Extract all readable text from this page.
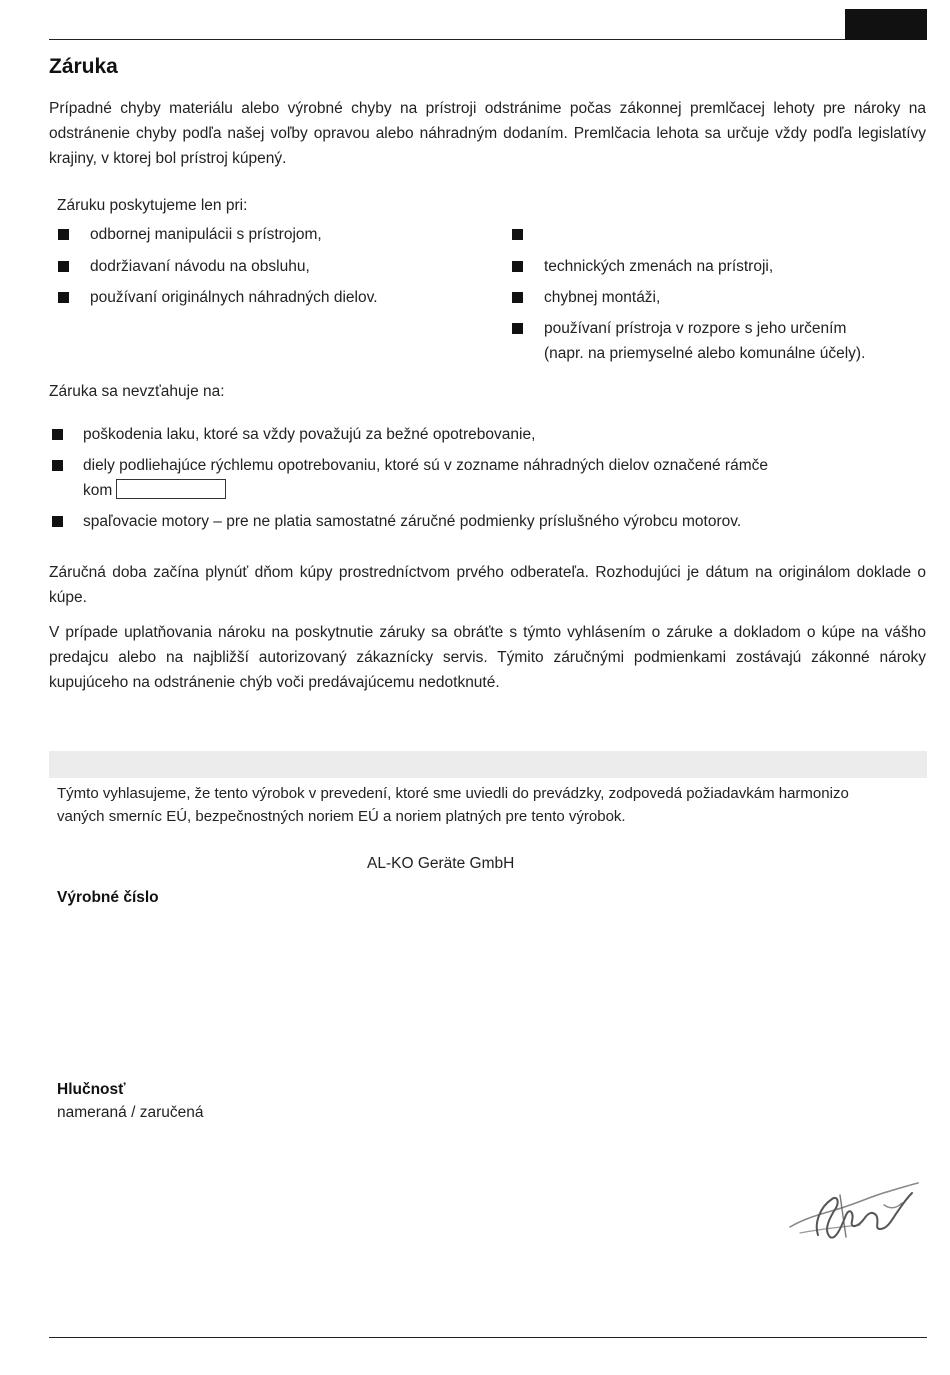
Záruka

Prípadné chyby materiálu alebo výrobné chyby na prístroji odstránime počas zákonnej premlčacej lehoty pre nároky na odstránenie chyby podľa našej voľby opravou alebo náhradným dodaním. Premlčacia lehota sa určuje vždy podľa legislatívy krajiny, v ktorej bol prístroj kúpený.

Záruku poskytujeme len pri:

odbornej manipulácii s prístrojom,

dodržiavaní návodu na obsluhu,

používaní originálnych náhradných dielov.

technických zmenách na prístroji,

chybnej montáži,

používaní prístroja v rozpore s jeho určením

(napr. na priemyselné alebo komunálne účely).

Záruka sa nevzťahuje na:

poškodenia laku, ktoré sa vždy považujú za bežné opotrebovanie,

diely podliehajúce rýchlemu opotrebovaniu, ktoré sú v zozname náhradných dielov označené rámče

kom

spaľovacie motory – pre ne platia samostatné záručné podmienky príslušného výrobcu motorov.

Záručná doba začína plynúť dňom kúpy prostredníctvom prvého odberateľa. Rozhodujúci je dátum na originálom doklade o kúpe.

V prípade uplatňovania nároku na poskytnutie záruky sa obráťte s týmto vyhlásením o záruke a dokladom o kúpe na vášho predajcu alebo na najbližší autorizovaný zákaznícky servis. Týmito záručnými podmienkami zostávajú zákonné nároky kupujúceho na odstránenie chýb voči predávajúcemu nedotknuté.

Týmto vyhlasujeme, že tento výrobok v prevedení, ktoré sme uviedli do prevádzky, zodpovedá požiadavkám harmonizo

vaných smerníc EÚ, bezpečnostných noriem EÚ a noriem platných pre tento výrobok.

AL-KO Geräte GmbH

Výrobné číslo

Hlučnosť

nameraná / zaručená
